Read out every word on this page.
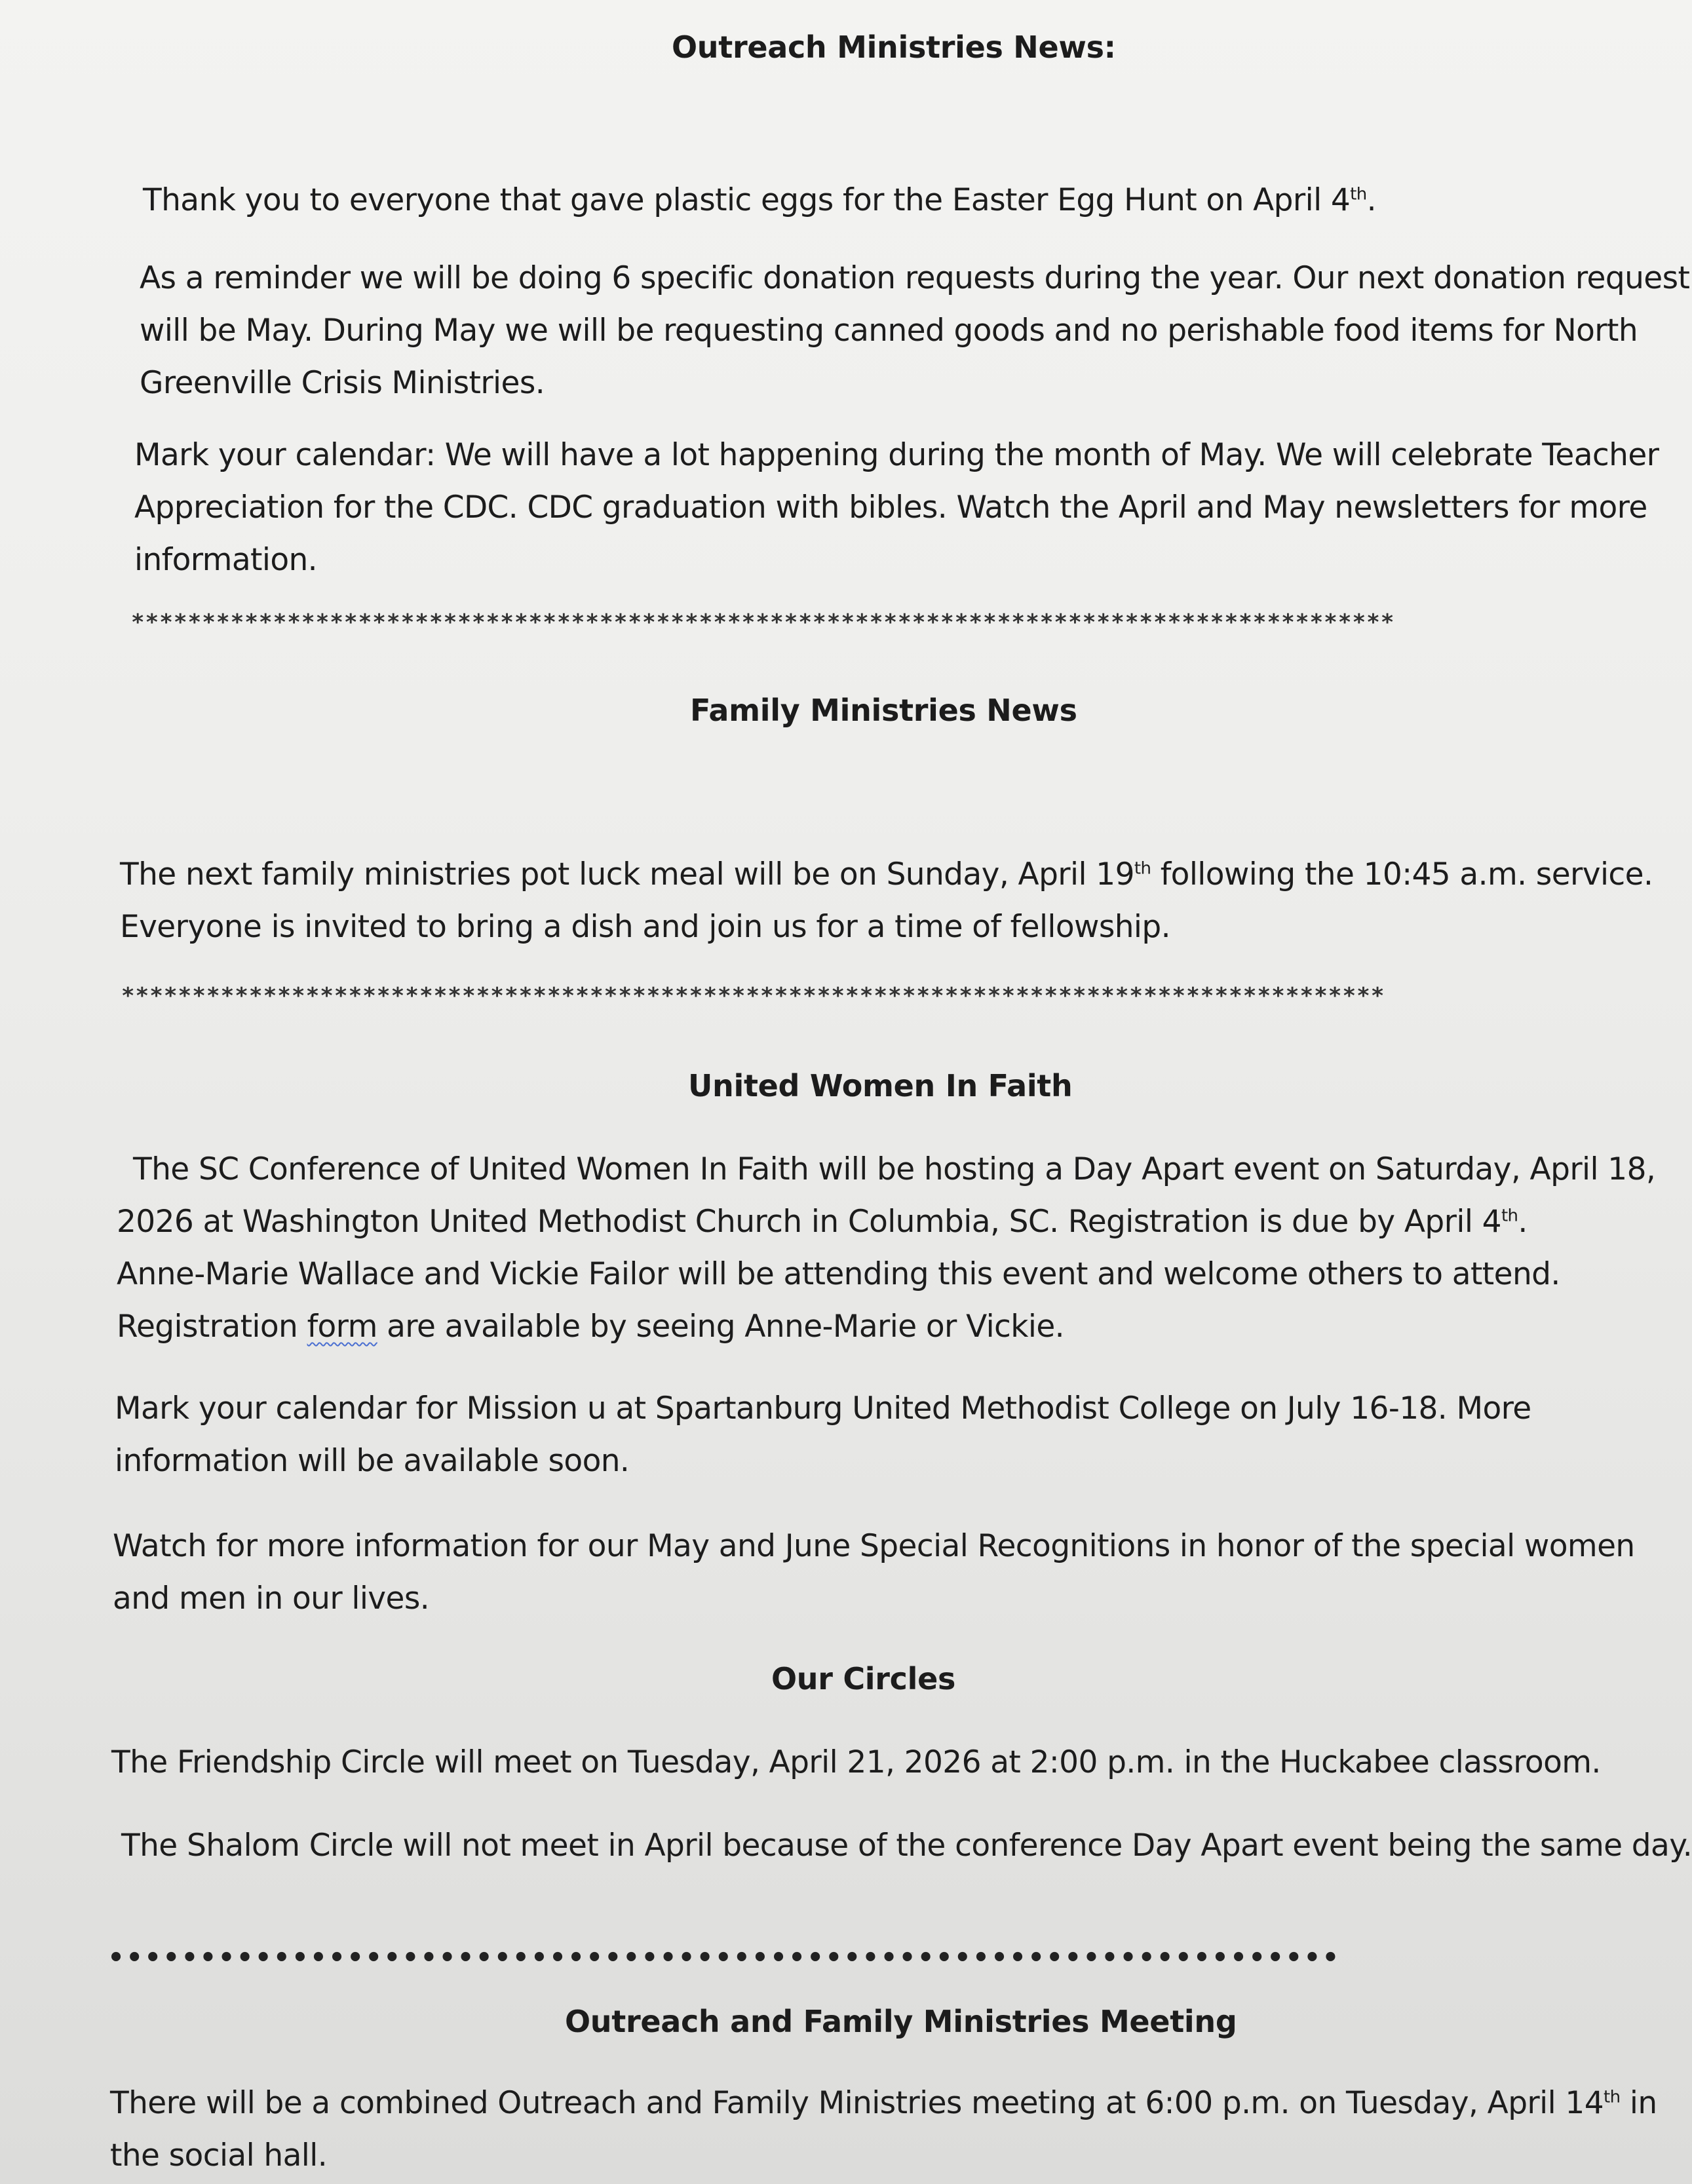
Outreach Ministries News:

Thank you to everyone that gave plastic eggs for the Easter Egg Hunt on April 4th.

As a reminder we will be doing 6 specific donation requests during the year. Our next donation request
will be May. During May we will be requesting canned goods and no perishable food items for North
Greenville Crisis Ministries.

Mark your calendar: We will have a lot happening during the month of May. We will celebrate Teacher
Appreciation for the CDC. CDC graduation with bibles. Watch the April and May newsletters for more
information.

*****************************************************************************************
Family Ministries News

The next family ministries pot luck meal will be on Sunday, April 19th following the 10:45 a.m. service.
Everyone is invited to bring a dish and join us for a time of fellowship.

*****************************************************************************************
United Women In Faith

The SC Conference of United Women In Faith will be hosting a Day Apart event on Saturday, April 18,
2026 at Washington United Methodist Church in Columbia, SC. Registration is due by April 4th.
Anne-Marie Wallace and Vickie Failor will be attending this event and welcome others to attend.
Registration form are available by seeing Anne-Marie or Vickie.

Mark your calendar for Mission u at Spartanburg United Methodist College on July 16-18. More
information will be available soon.

Watch for more information for our May and June Special Recognitions in honor of the special women
and men in our lives.

Our Circles

The Friendship Circle will meet on Tuesday, April 21, 2026 at 2:00 p.m. in the Huckabee classroom.

The Shalom Circle will not meet in April because of the conference Day Apart event being the same day.

•••••••••••••••••••••••••••••••••••••••••••••••••••••••••••••••••••
Outreach and Family Ministries Meeting

There will be a combined Outreach and Family Ministries meeting at 6:00 p.m. on Tuesday, April 14th in
the social hall.
